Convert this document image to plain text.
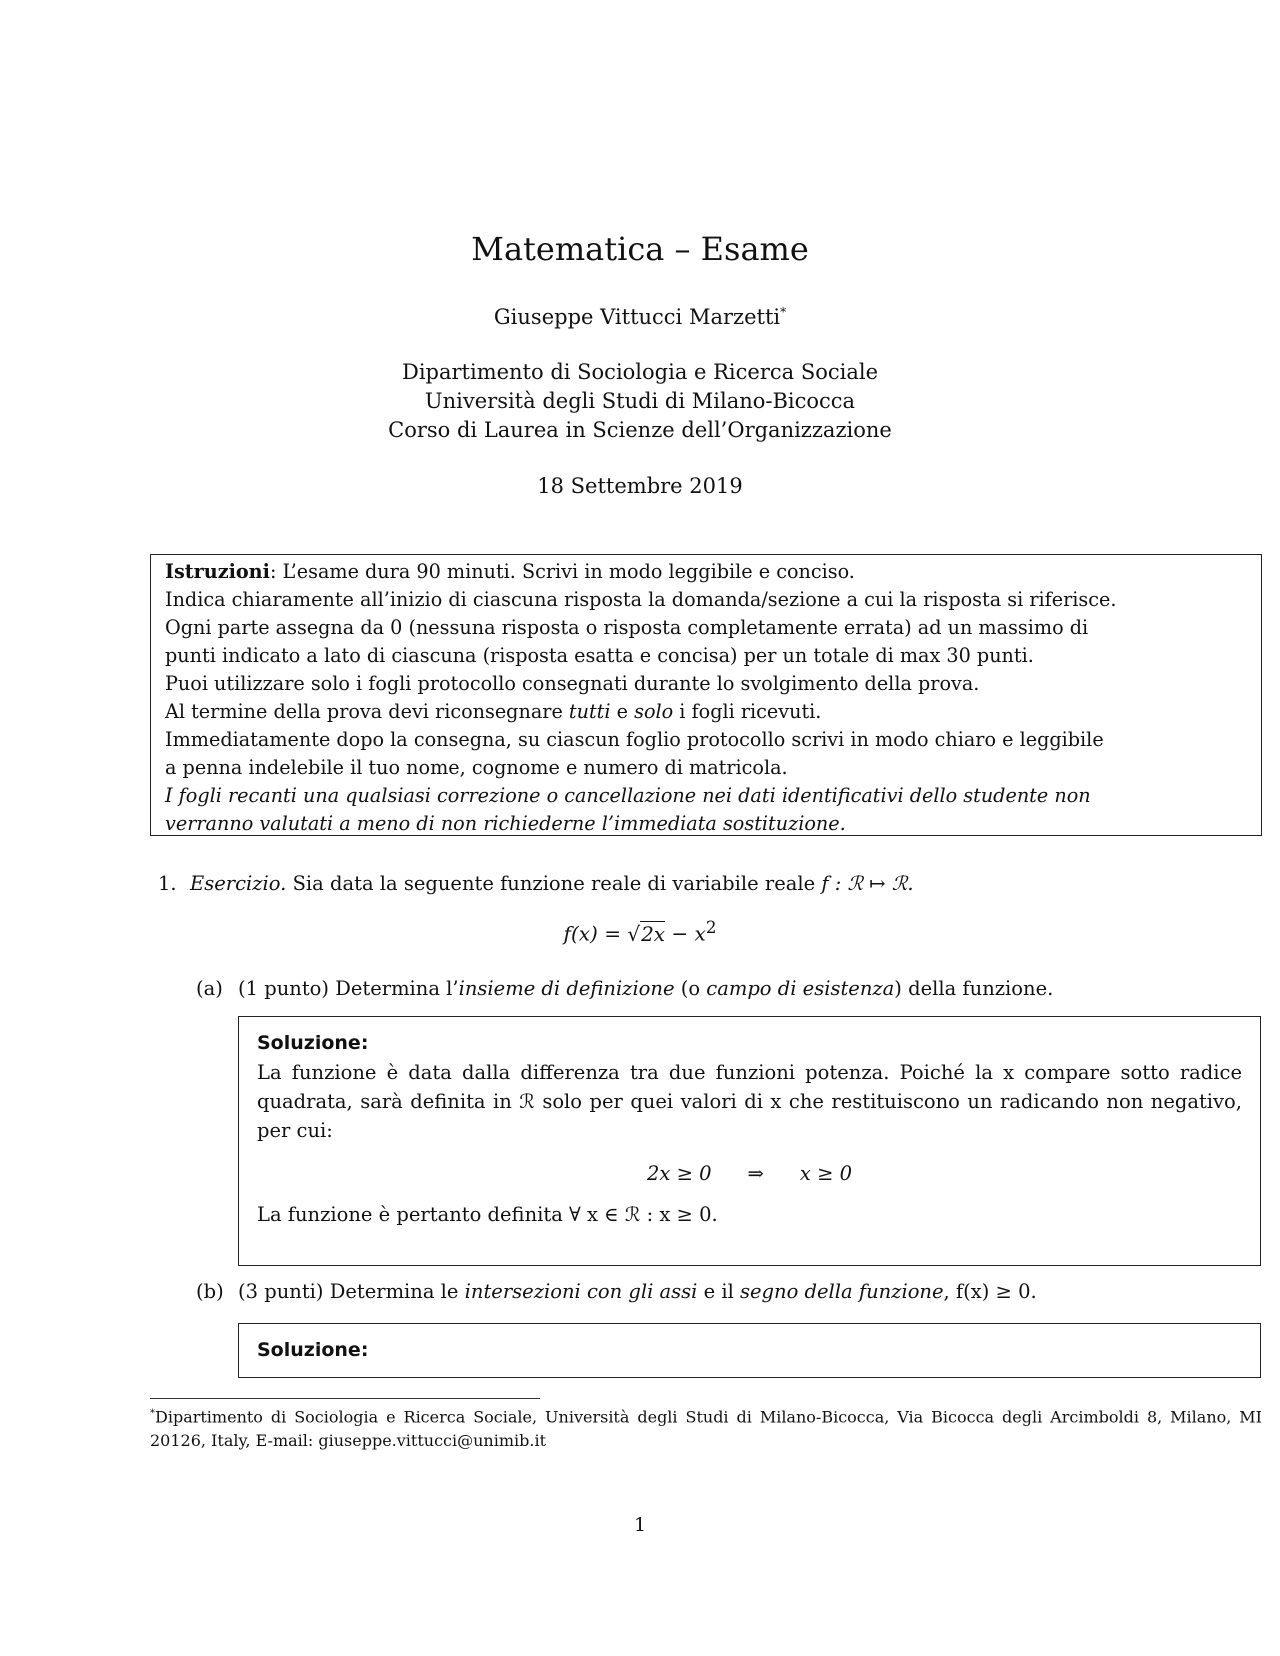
Matematica – Esame
Giuseppe Vittucci Marzetti*
Dipartimento di Sociologia e Ricerca Sociale
Università degli Studi di Milano-Bicocca
Corso di Laurea in Scienze dell’Organizzazione
18 Settembre 2019
Istruzioni: L’esame dura 90 minuti. Scrivi in modo leggibile e conciso.
Indica chiaramente all’inizio di ciascuna risposta la domanda/sezione a cui la risposta si riferisce.
Ogni parte assegna da 0 (nessuna risposta o risposta completamente errata) ad un massimo di
punti indicato a lato di ciascuna (risposta esatta e concisa) per un totale di max 30 punti.
Puoi utilizzare solo i fogli protocollo consegnati durante lo svolgimento della prova.
Al termine della prova devi riconsegnare tutti e solo i fogli ricevuti.
Immediatamente dopo la consegna, su ciascun foglio protocollo scrivi in modo chiaro e leggibile
a penna indelebile il tuo nome, cognome e numero di matricola.
I fogli recanti una qualsiasi correzione o cancellazione nei dati identificativi dello studente non
verranno valutati a meno di non richiederne l’immediata sostituzione.
1. Esercizio. Sia data la seguente funzione reale di variabile reale f : ℛ ↦ ℛ.
$f(x) = √2x - x^2$
(a) (1 punto) Determina l’insieme di definizione (o campo di esistenza) della funzione.
Soluzione:
La funzione è data dalla differenza tra due funzioni potenza. Poiché la x compare sotto radice quadrata, sarà definita in ℛ solo per quei valori di x che restituiscono un radicando non negativo, per cui:
2x ≥ 0 ⇒ x ≥ 0
La funzione è pertanto definita ∀ x ∈ ℛ : x ≥ 0.
(b) (3 punti) Determina le intersezioni con gli assi e il segno della funzione, f(x) ≥ 0.
Soluzione:
*Dipartimento di Sociologia e Ricerca Sociale, Università degli Studi di Milano-Bicocca, Via Bicocca degli Arcimboldi 8, Milano, MI 20126, Italy, E-mail: giuseppe.vittucci@unimib.it
1
